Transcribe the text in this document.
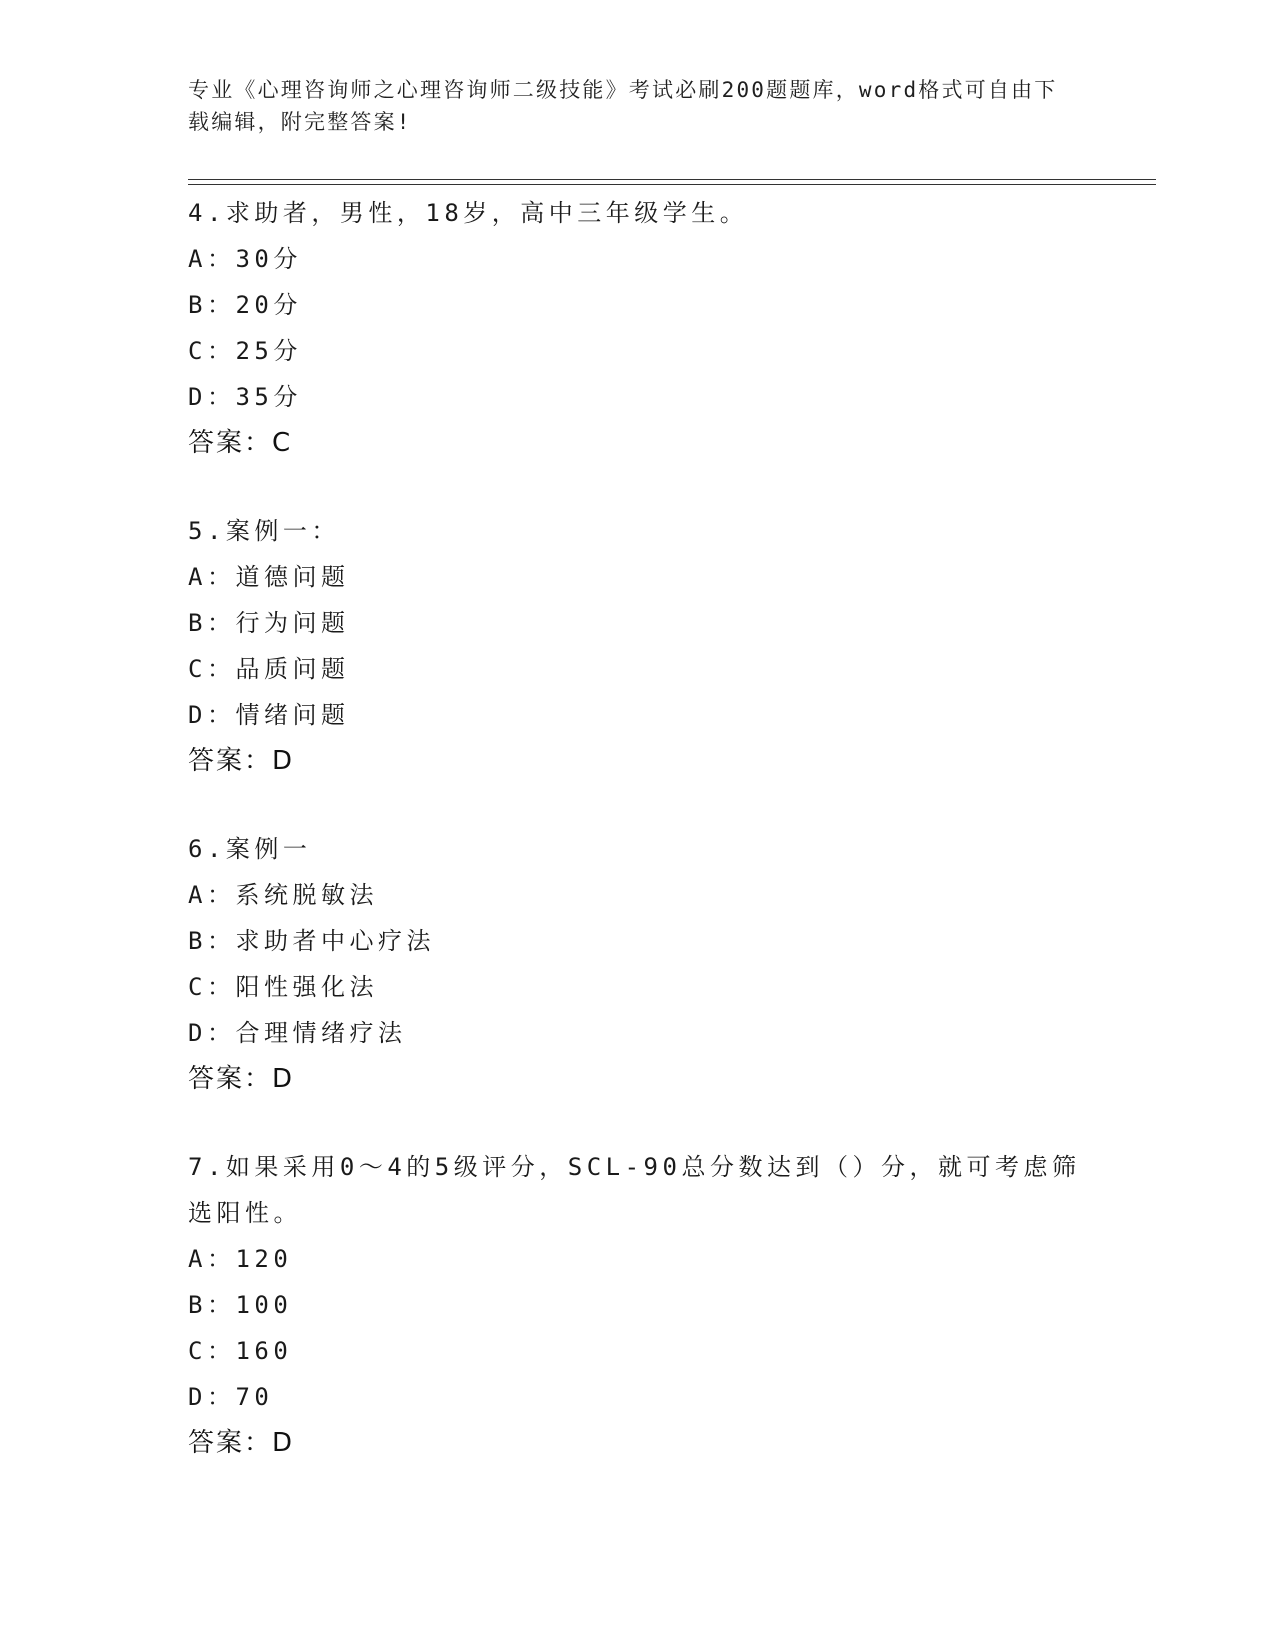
专业《心理咨询师之心理咨询师二级技能》考试必刷200题题库，word格式可自由下载编辑，附完整答案!

4.求助者，男性，18岁，高中三年级学生。

A：30分

B：20分

C：25分

D：35分

答案：C

5.案例一：

A：道德问题

B：行为问题

C：品质问题

D：情绪问题

答案：D

6.案例一

A：系统脱敏法

B：求助者中心疗法

C：阳性强化法

D：合理情绪疗法

答案：D

7.如果采用0～4的5级评分，SCL-90总分数达到（）分，就可考虑筛选阳性。

A：120

B：100

C：160

D：70

答案：D
